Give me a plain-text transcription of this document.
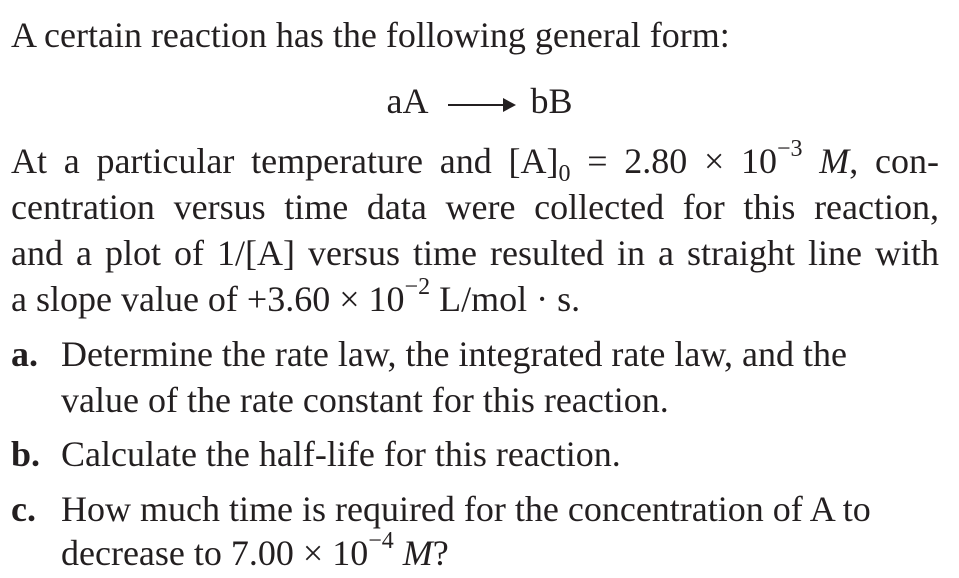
A certain reaction has the following general form:
aA	bB
At a particular temperature and $[A]_0 = 2.80 \times 10^{-3}$ M, con-
centration versus time data were collected for this reaction,
and a plot of 1/[A] versus time resulted in a straight line with
a slope value of $+3.60 \times 10^{-2}$ L/mol · s.
a. Determine the rate law, the integrated rate law, and the
value of the rate constant for this reaction.
b. Calculate the half-life for this reaction.
c. How much time is required for the concentration of A to
decrease to $7.00 \times 10^{-4}$ M?
